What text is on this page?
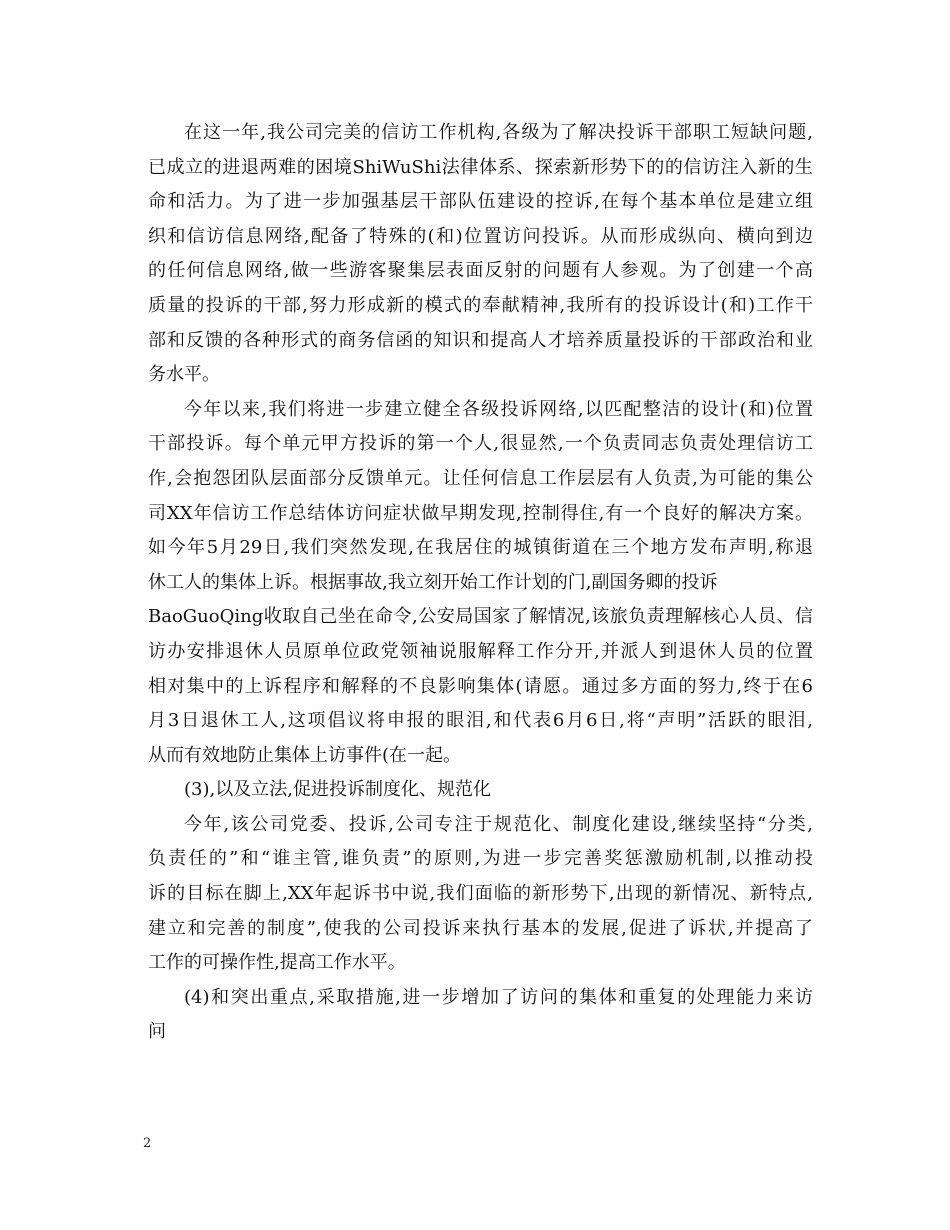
在这一年,我公司完美的信访工作机构,各级为了解决投诉干部职工短缺问题,
已成立的进退两难的困境ShiWuShi法律体系、探索新形势下的的信访注入新的生
命和活力。为了进一步加强基层干部队伍建设的控诉,在每个基本单位是建立组
织和信访信息网络,配备了特殊的(和)位置访问投诉。从而形成纵向、横向到边
的任何信息网络,做一些游客聚集层表面反射的问题有人参观。为了创建一个高
质量的投诉的干部,努力形成新的模式的奉献精神,我所有的投诉设计(和)工作干
部和反馈的各种形式的商务信函的知识和提高人才培养质量投诉的干部政治和业
务水平。
今年以来,我们将进一步建立健全各级投诉网络,以匹配整洁的设计(和)位置
干部投诉。每个单元甲方投诉的第一个人,很显然,一个负责同志负责处理信访工
作,会抱怨团队层面部分反馈单元。让任何信息工作层层有人负责,为可能的集公
司XX年信访工作总结体访问症状做早期发现,控制得住,有一个良好的解决方案。
如今年5月29日,我们突然发现,在我居住的城镇街道在三个地方发布声明,称退
休工人的集体上诉。根据事故,我立刻开始工作计划的门,副国务卿的投诉
BaoGuoQing收取自己坐在命令,公安局国家了解情况,该旅负责理解核心人员、信
访办安排退休人员原单位政党领袖说服解释工作分开,并派人到退休人员的位置
相对集中的上诉程序和解释的不良影响集体(请愿。通过多方面的努力,终于在6
月3日退休工人,这项倡议将申报的眼泪,和代表6月6日,将“声明”活跃的眼泪,
从而有效地防止集体上访事件(在一起。
(3),以及立法,促进投诉制度化、规范化
今年,该公司党委、投诉,公司专注于规范化、制度化建设,继续坚持“分类,
负责任的”和“谁主管,谁负责”的原则,为进一步完善奖惩激励机制,以推动投
诉的目标在脚上,XX年起诉书中说,我们面临的新形势下,出现的新情况、新特点,
建立和完善的制度”,使我的公司投诉来执行基本的发展,促进了诉状,并提高了
工作的可操作性,提高工作水平。
(4)和突出重点,采取措施,进一步增加了访问的集体和重复的处理能力来访
问
2
